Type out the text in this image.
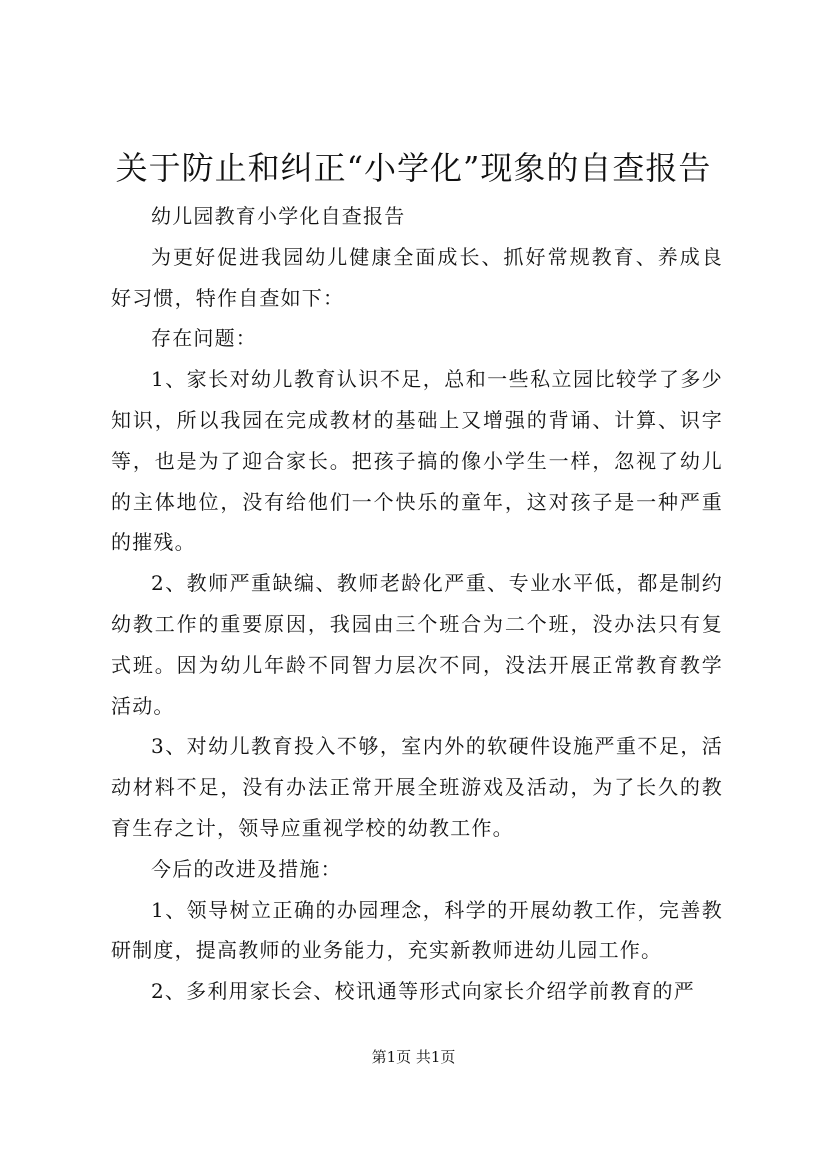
关于防止和纠正“小学化”现象的自查报告

幼儿园教育小学化自查报告

为更好促进我园幼儿健康全面成长、抓好常规教育、养成良好习惯，特作自查如下：

存在问题：

1、家长对幼儿教育认识不足，总和一些私立园比较学了多少知识，所以我园在完成教材的基础上又增强的背诵、计算、识字等，也是为了迎合家长。把孩子搞的像小学生一样，忽视了幼儿的主体地位，没有给他们一个快乐的童年，这对孩子是一种严重的摧残。

2、教师严重缺编、教师老龄化严重、专业水平低，都是制约幼教工作的重要原因，我园由三个班合为二个班，没办法只有复式班。因为幼儿年龄不同智力层次不同，没法开展正常教育教学活动。

3、对幼儿教育投入不够，室内外的软硬件设施严重不足，活动材料不足，没有办法正常开展全班游戏及活动，为了长久的教育生存之计，领导应重视学校的幼教工作。

今后的改进及措施：

1、领导树立正确的办园理念，科学的开展幼教工作，完善教研制度，提高教师的业务能力，充实新教师进幼儿园工作。

2、多利用家长会、校讯通等形式向家长介绍学前教育的严

第1页 共1页
